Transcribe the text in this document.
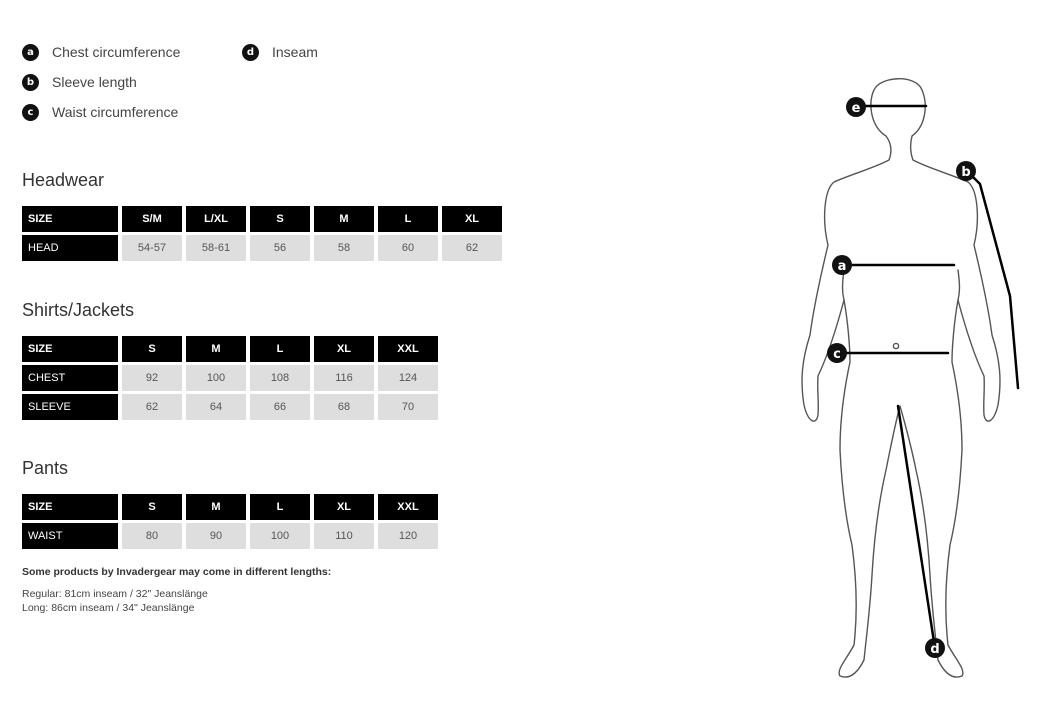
a	Chest circumference
b	Sleeve length
c	Waist circumference
d	Inseam
Headwear
SIZE	S/M	L/XL	S	M	L	XL
HEAD	54-57	58-61	56	58	60	62
Shirts/Jackets
SIZE	S	M	L	XL	XXL
CHEST	92	100	108	116	124
SLEEVE	62	64	66	68	70
Pants
SIZE	S	M	L	XL	XXL
WAIST	80	90	100	110	120
Some products by Invadergear may come in different lengths:
Regular: 81cm inseam / 32" Jeanslänge
Long: 86cm inseam / 34" Jeanslänge
e
b
a
c
d
